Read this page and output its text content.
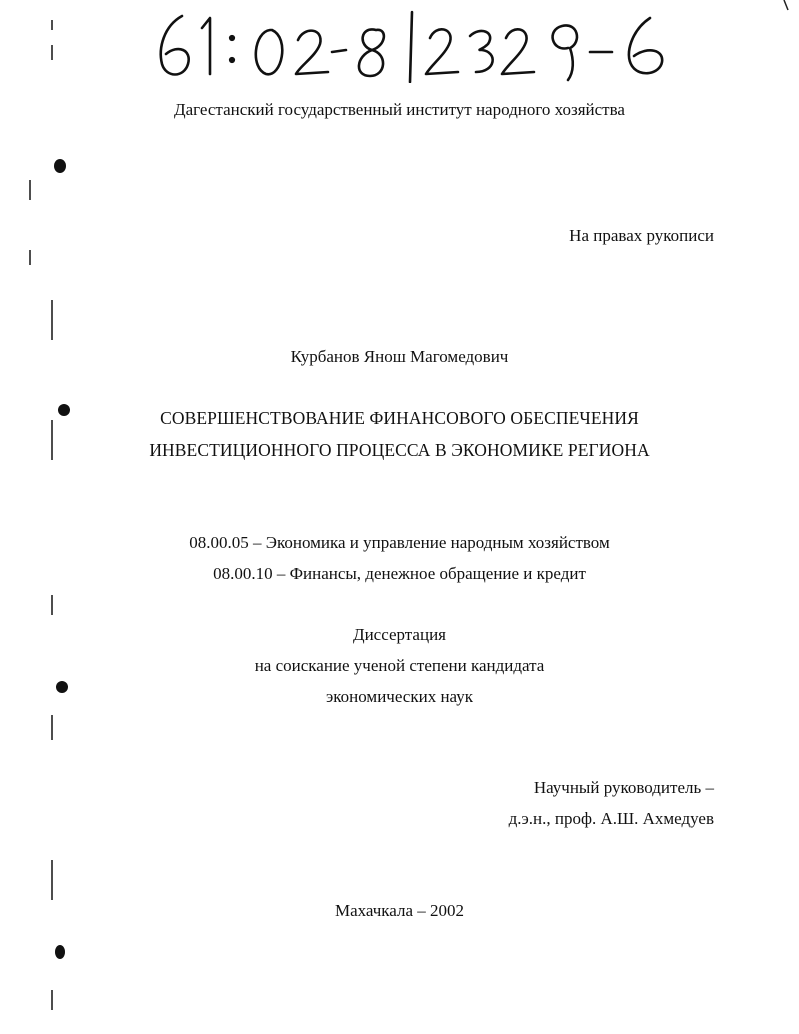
Дагестанский государственный институт народного хозяйства
На правах рукописи
Курбанов Янош Магомедович
СОВЕРШЕНСТВОВАНИЕ ФИНАНСОВОГО ОБЕСПЕЧЕНИЯ
ИНВЕСТИЦИОННОГО ПРОЦЕССА В ЭКОНОМИКЕ РЕГИОНА
08.00.05 – Экономика и управление народным хозяйством
08.00.10 – Финансы, денежное обращение и кредит
Диссертация
на соискание ученой степени кандидата
экономических наук
Научный руководитель –
д.э.н., проф. А.Ш. Ахмедуев
Махачкала – 2002
